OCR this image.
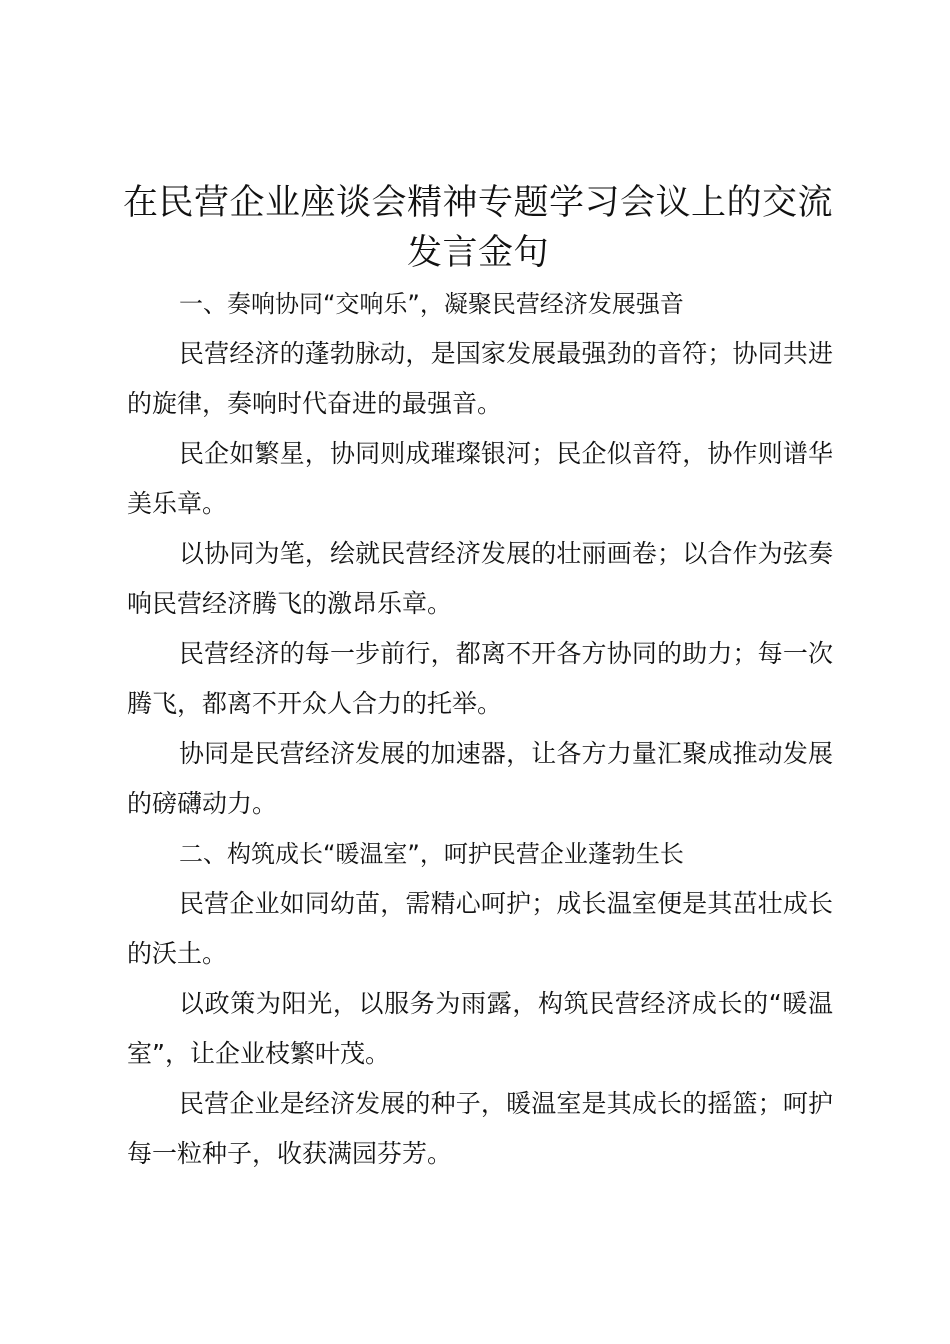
在民营企业座谈会精神专题学习会议上的交流发言金句

一、奏响协同“交响乐”，凝聚民营经济发展强音

民营经济的蓬勃脉动，是国家发展最强劲的音符；协同共进的旋律，奏响时代奋进的最强音。

民企如繁星，协同则成璀璨银河；民企似音符，协作则谱华美乐章。

以协同为笔，绘就民营经济发展的壮丽画卷；以合作为弦奏响民营经济腾飞的激昂乐章。

民营经济的每一步前行，都离不开各方协同的助力；每一次腾飞，都离不开众人合力的托举。

协同是民营经济发展的加速器，让各方力量汇聚成推动发展的磅礴动力。

二、构筑成长“暖温室”，呵护民营企业蓬勃生长

民营企业如同幼苗，需精心呵护；成长温室便是其茁壮成长的沃土。

以政策为阳光，以服务为雨露，构筑民营经济成长的“暖温室”，让企业枝繁叶茂。

民营企业是经济发展的种子，暖温室是其成长的摇篮；呵护每一粒种子，收获满园芬芳。
